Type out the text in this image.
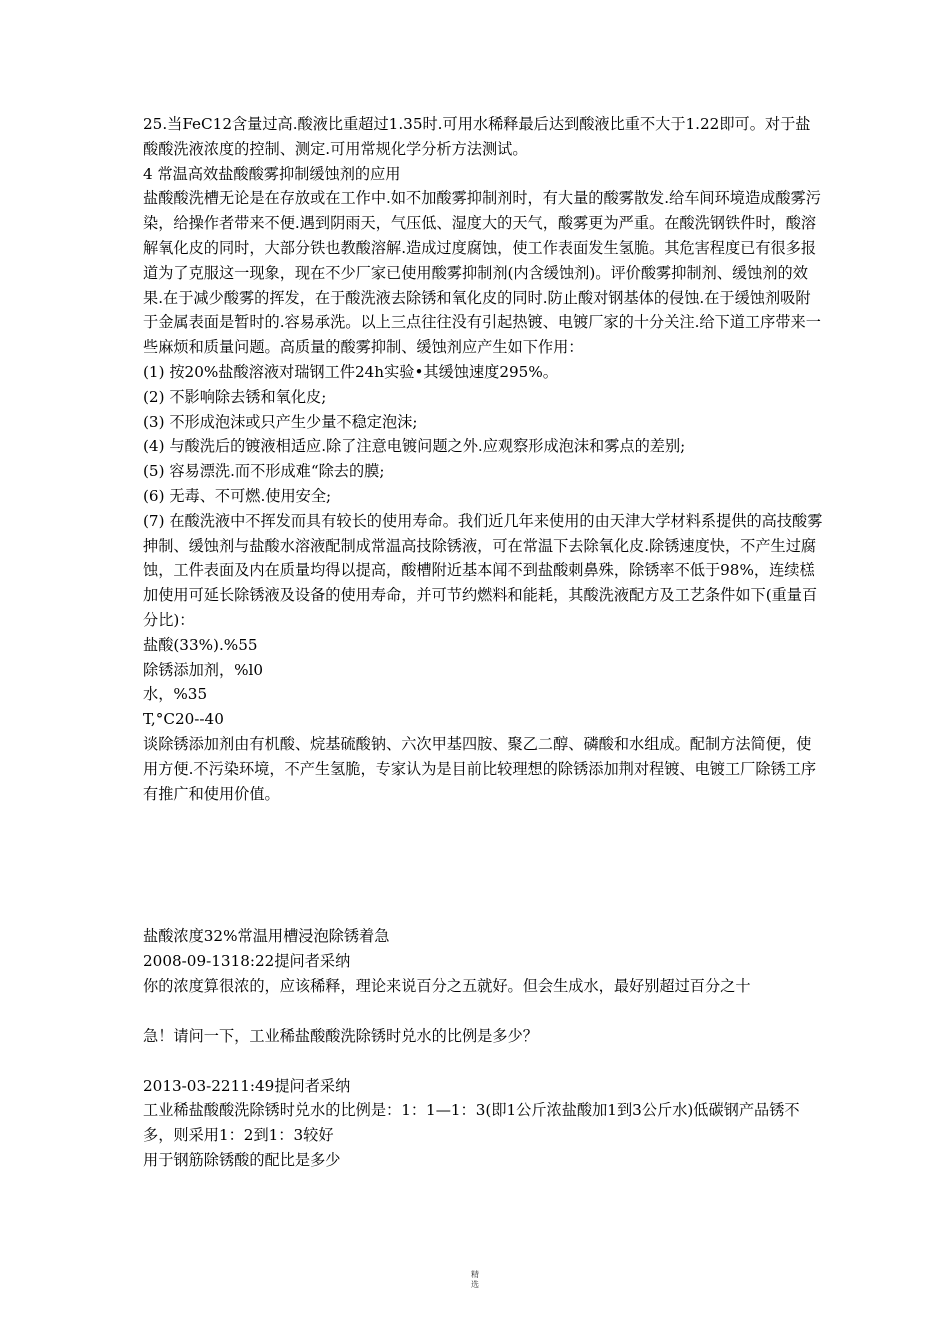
25.当FeC12含量过高.酸液比重超过1.35时.可用水稀释最后达到酸液比重不大于1.22即可。对于盐酸酸洗液浓度的控制、测定.可用常规化学分析方法测试。

4 常温高效盐酸酸雾抑制缓蚀剂的应用

盐酸酸洗槽无论是在存放或在工作中.如不加酸雾抑制剂时，有大量的酸雾散发.给车间环境造成酸雾污染，给操作者带来不便.遇到阴雨天，气压低、湿度大的天气，酸雾更为严重。在酸洗钢铁件时，酸溶解氧化皮的同时，大部分铁也教酸溶解.造成过度腐蚀，使工作表面发生氢脆。其危害程度已有很多报道为了克服这一现象，现在不少厂家已使用酸雾抑制剂(内含缓蚀剂)。评价酸雾抑制剂、缓蚀剂的效果.在于减少酸雾的挥发，在于酸洗液去除锈和氧化皮的同时.防止酸对钢基体的侵蚀.在于缓蚀剂吸附于金属表面是暂时的.容易承洗。以上三点往往没有引起热镀、电镀厂家的十分关注.给下道工序带来一些麻烦和质量问题。高质量的酸雾抑制、缓蚀剂应产生如下作用：

(1) 按20%盐酸溶液对瑞钢工件24h实验•其缓蚀速度295%。

(2) 不影响除去锈和氧化皮;

(3) 不形成泡沫或只产生少量不稳定泡沫;

(4) 与酸洗后的镀液相适应.除了注意电镀问题之外.应观察形成泡沫和雾点的差别;

(5) 容易漂洗.而不形成难“除去的膜;

(6) 无毒、不可燃.使用安全;

(7) 在酸洗液中不挥发而具有较长的使用寿命。我们近几年来使用的由天津大学材料系提供的高技酸雾抻制、缓蚀剂与盐酸水溶液配制成常温高技除锈液，可在常温下去除氧化皮.除锈速度快，不产生过腐蚀，工件表面及内在质量均得以提高，酸槽附近基本闻不到盐酸刺鼻殊，除锈率不低于98%，连续榚加使用可延长除锈液及设备的使用寿命，并可节约燃料和能耗，其酸洗液配方及工艺条件如下(重量百分比)：

盐酸(33%).%55

除锈添加剂，%l0

水，%35

T,°C20--40

谈除锈添加剂由有机酸、烷基硫酸钠、六次甲基四胺、聚乙二醇、磷酸和水组成。配制方法简便，使用方便.不污染环境，不产生氢脆，专家认为是目前比较理想的除锈添加荆对程镀、电镀工厂除锈工序有推广和使用价值。

盐酸浓度32%常温用槽浸泡除锈着急

2008-09-1318:22提问者采纳

你的浓度算很浓的，应该稀释，理论来说百分之五就好。但会生成水，最好别超过百分之十

急！请问一下，工业稀盐酸酸洗除锈时兑水的比例是多少？

2013-03-2211:49提问者采纳

工业稀盐酸酸洗除锈时兑水的比例是：1：1—1：3(即1公斤浓盐酸加1到3公斤水)低碳钢产品锈不多，则采用1：2到1：3较好

用于钢筋除锈酸的配比是多少

精
选
